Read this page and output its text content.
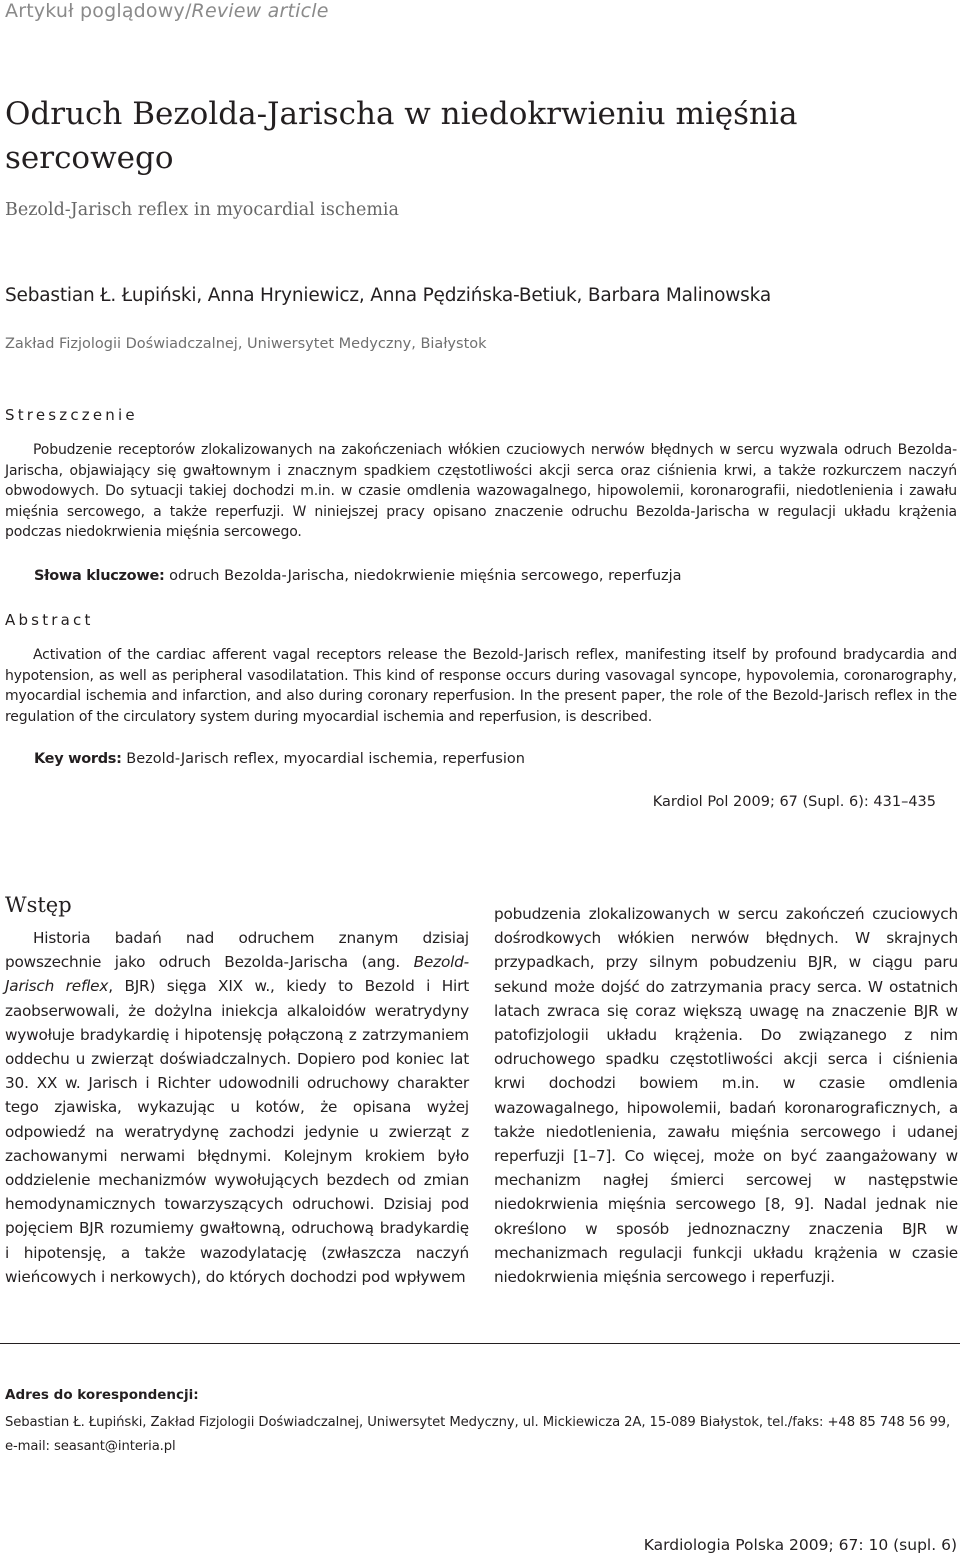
Artykuł poglądowy/Review article
Odruch Bezolda-Jarischa w niedokrwieniu mięśnia sercowego
Bezold-Jarisch reflex in myocardial ischemia
Sebastian Ł. Łupiński, Anna Hryniewicz, Anna Pędzińska-Betiuk, Barbara Malinowska
Zakład Fizjologii Doświadczalnej, Uniwersytet Medyczny, Białystok
Streszczenie
Pobudzenie receptorów zlokalizowanych na zakończeniach włókien czuciowych nerwów błędnych w sercu wyzwala odruch Bezolda-Jarischa, objawiający się gwałtownym i znacznym spadkiem częstotliwości akcji serca oraz ciśnienia krwi, a także rozkurczem naczyń obwodowych. Do sytuacji takiej dochodzi m.in. w czasie omdlenia wazowagalnego, hipowolemii, koronarografii, niedotlenienia i zawału mięśnia sercowego, a także reperfuzji. W niniejszej pracy opisano znaczenie odruchu Bezolda-Jarischa w regulacji układu krążenia podczas niedokrwienia mięśnia sercowego.
Słowa kluczowe: odruch Bezolda-Jarischa, niedokrwienie mięśnia sercowego, reperfuzja
Abstract
Activation of the cardiac afferent vagal receptors release the Bezold-Jarisch reflex, manifesting itself by profound bradycardia and hypotension, as well as peripheral vasodilatation. This kind of response occurs during vasovagal syncope, hypovolemia, coronarography, myocardial ischemia and infarction, and also during coronary reperfusion. In the present paper, the role of the Bezold-Jarisch reflex in the regulation of the circulatory system during myocardial ischemia and reperfusion, is described.
Key words: Bezold-Jarisch reflex, myocardial ischemia, reperfusion
Kardiol Pol 2009; 67 (Supl. 6): 431–435
Wstęp
Historia badań nad odruchem znanym dzisiaj powszechnie jako odruch Bezolda-Jarischa (ang. Bezold-Jarisch reflex, BJR) sięga XIX w., kiedy to Bezold i Hirt zaobserwowali, że dożylna iniekcja alkaloidów weratrydyny wywołuje bradykardię i hipotensję połączoną z zatrzymaniem oddechu u zwierząt doświadczalnych. Dopiero pod koniec lat 30. XX w. Jarisch i Richter udowodnili odruchowy charakter tego zjawiska, wykazując u kotów, że opisana wyżej odpowiedź na weratrydynę zachodzi jedynie u zwierząt z zachowanymi nerwami błędnymi. Kolejnym krokiem było oddzielenie mechanizmów wywołujących bezdech od zmian hemodynamicznych towarzyszących odruchowi. Dzisiaj pod pojęciem BJR rozumiemy gwałtowną, odruchową bradykardię i hipotensję, a także wazodylatację (zwłaszcza naczyń wieńcowych i nerkowych), do których dochodzi pod wpływem
pobudzenia zlokalizowanych w sercu zakończeń czuciowych dośrodkowych włókien nerwów błędnych. W skrajnych przypadkach, przy silnym pobudzeniu BJR, w ciągu paru sekund może dojść do zatrzymania pracy serca. W ostatnich latach zwraca się coraz większą uwagę na znaczenie BJR w patofizjologii układu krążenia. Do związanego z nim odruchowego spadku częstotliwości akcji serca i ciśnienia krwi dochodzi bowiem m.in. w czasie omdlenia wazowagalnego, hipowolemii, badań koronarograficznych, a także niedotlenienia, zawału mięśnia sercowego i udanej reperfuzji [1–7]. Co więcej, może on być zaangażowany w mechanizm nagłej śmierci sercowej w następstwie niedokrwienia mięśnia sercowego [8, 9]. Nadal jednak nie określono w sposób jednoznaczny znaczenia BJR w mechanizmach regulacji funkcji układu krążenia w czasie niedokrwienia mięśnia sercowego i reperfuzji.
Adres do korespondencji:
Sebastian Ł. Łupiński, Zakład Fizjologii Doświadczalnej, Uniwersytet Medyczny, ul. Mickiewicza 2A, 15-089 Białystok, tel./faks: +48 85 748 56 99,
e-mail: seasant@interia.pl
Kardiologia Polska 2009; 67: 10 (supl. 6)
